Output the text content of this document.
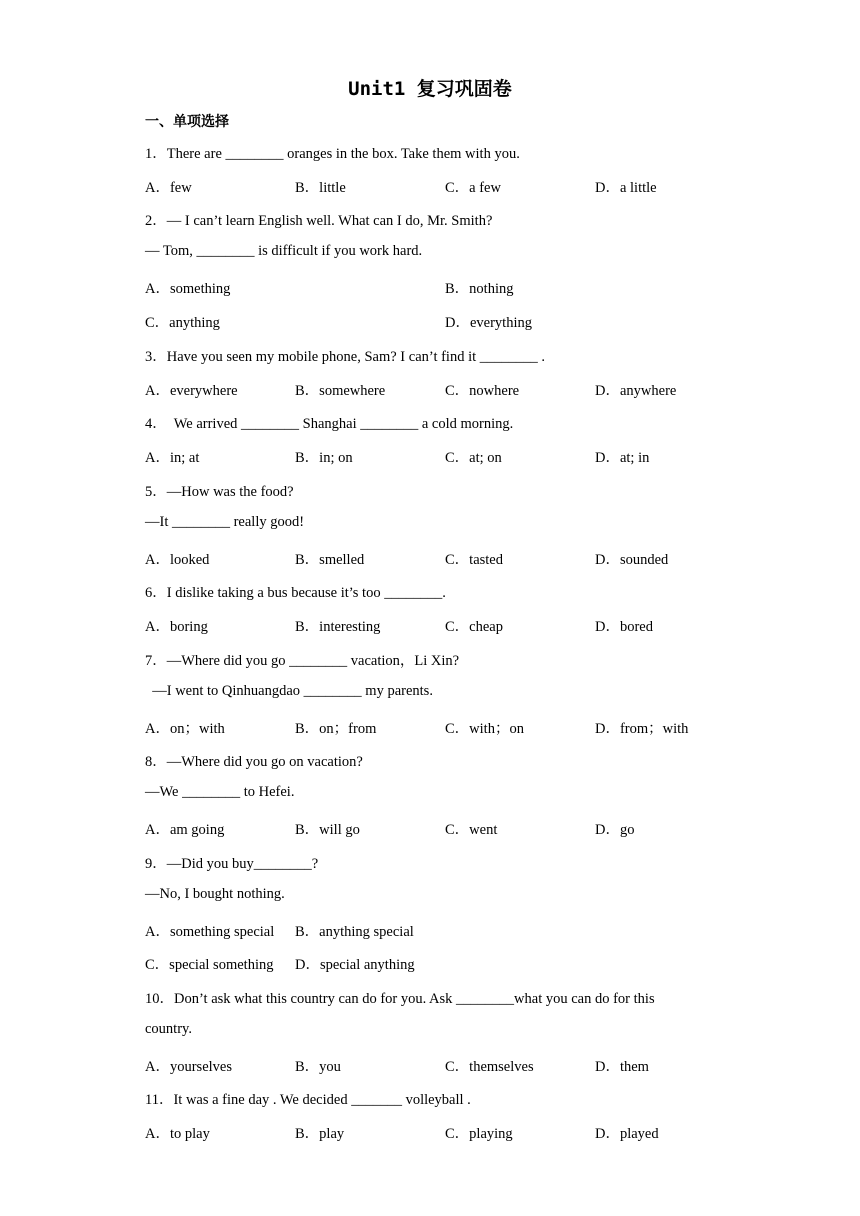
Unit1 复习巩固卷
一、单项选择
1．There are ________ oranges in the box. Take them with you.
A．few	B．little	C．a few	D．a little
2．— I can’t learn English well. What can I do, Mr. Smith?
— Tom, ________ is difficult if you work hard.
A．something	B．nothing
C．anything	D．everything
3．Have you seen my mobile phone, Sam? I can’t find it ________ .
A．everywhere	B．somewhere	C．nowhere	D．anywhere
4．  We arrived ________ Shanghai ________ a cold morning.
A．in; at	B．in; on	C．at; on	D．at; in
5．—How was the food?
—It ________ really good!
A．looked	B．smelled	C．tasted	D．sounded
6．I dislike taking a bus because it’s too ________.
A．boring	B．interesting	C．cheap	D．bored
7．—Where did you go ________ vacation，Li Xin?
—I went to Qinhuangdao ________ my parents.
A．on；with	B．on；from	C．with；on	D．from；with
8．—Where did you go on vacation?
—We ________ to Hefei.
A．am going	B．will go	C．went	D．go
9．—Did you buy________?
—No, I bought nothing.
A．something special B．anything special
C．special something D．special anything
10．Don’t ask what this country can do for you. Ask ________what you can do for this
country.
A．yourselves	B．you	C．themselves	D．them
11．It was a fine day . We decided _______ volleyball .
A．to play	B．play	C．playing	D．played
